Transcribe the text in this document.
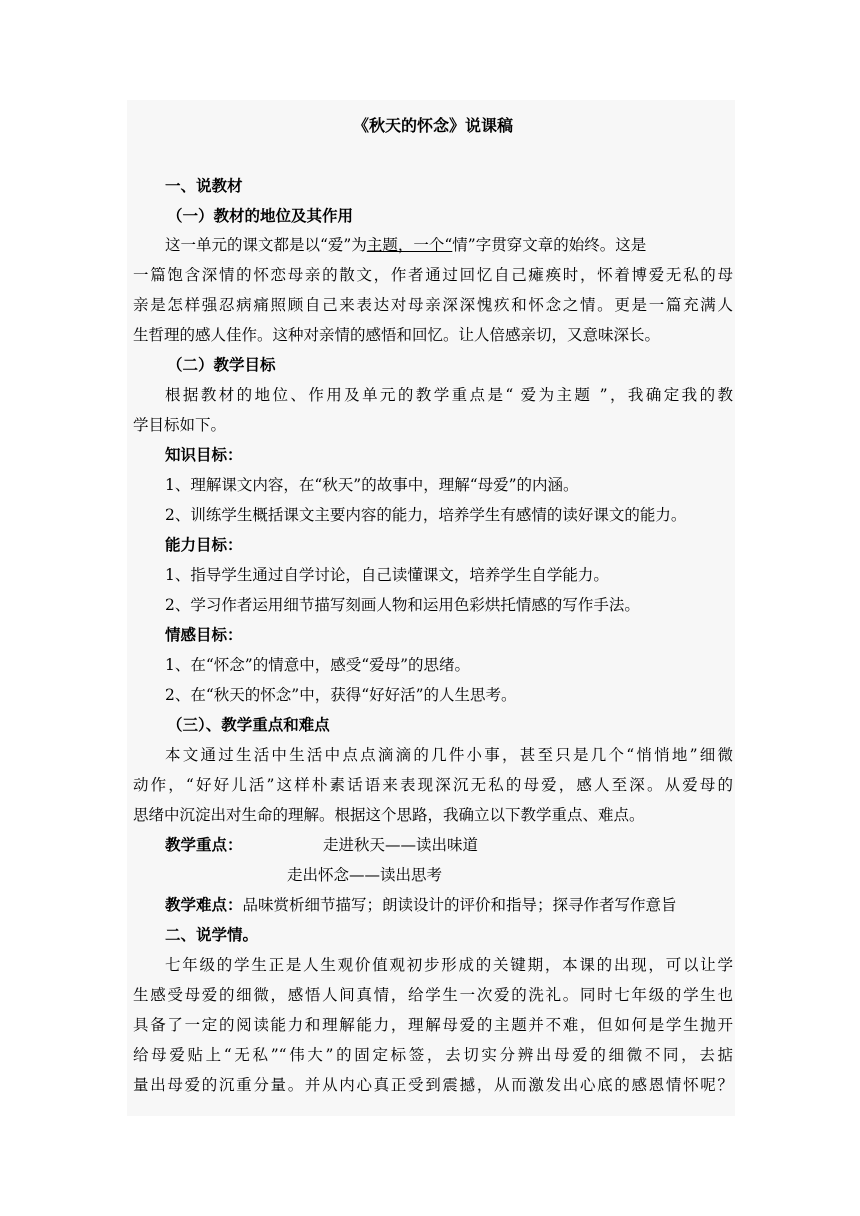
《秋天的怀念》说课稿
一、说教材
（一）教材的地位及其作用
这一单元的课文都是以“爱”为主题，一个“情”字贯穿文章的始终。这是
一篇饱含深情的怀恋母亲的散文，作者通过回忆自己瘫痪时，怀着博爱无私的母
亲是怎样强忍病痛照顾自己来表达对母亲深深愧疚和怀念之情。更是一篇充满人
生哲理的感人佳作。这种对亲情的感悟和回忆。让人倍感亲切，又意味深长。
（二）教学目标
根据教材的地位、作用及单元的教学重点是“ 爱为主题 ”，我确定我的教
学目标如下。
知识目标：
1、理解课文内容，在“秋天”的故事中，理解“母爱”的内涵。
2、训练学生概括课文主要内容的能力，培养学生有感情的读好课文的能力。
能力目标：
1、指导学生通过自学讨论，自己读懂课文，培养学生自学能力。
2、学习作者运用细节描写刻画人物和运用色彩烘托情感的写作手法。
情感目标：
1、在“怀念”的情意中，感受“爱母”的思绪。
2、在“秋天的怀念”中，获得“好好活”的人生思考。
（三）、教学重点和难点
本文通过生活中生活中点点滴滴的几件小事，甚至只是几个“悄悄地”细微
动作，“好好儿活”这样朴素话语来表现深沉无私的母爱，感人至深。从爱母的
思绪中沉淀出对生命的理解。根据这个思路，我确立以下教学重点、难点。
教学重点：	走进秋天——读出味道
走出怀念——读出思考
教学难点：品味赏析细节描写；朗读设计的评价和指导；探寻作者写作意旨
二、说学情。
七年级的学生正是人生观价值观初步形成的关键期，本课的出现，可以让学
生感受母爱的细微，感悟人间真情，给学生一次爱的洗礼。同时七年级的学生也
具备了一定的阅读能力和理解能力，理解母爱的主题并不难，但如何是学生抛开
给母爱贴上“无私”“伟大”的固定标签，去切实分辨出母爱的细微不同，去掂
量出母爱的沉重分量。并从内心真正受到震撼，从而激发出心底的感恩情怀呢？
